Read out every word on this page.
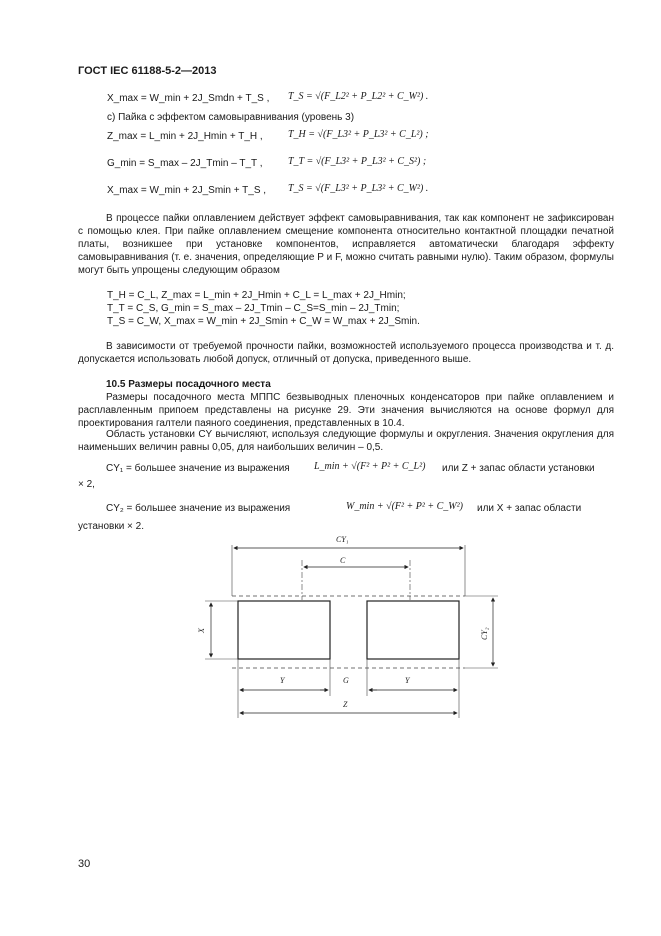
ГОСТ IEC 61188-5-2—2013
X_max = W_min + 2J_Smdn + T_S , T_S = √(F_L2² + P_L2² + C_W²) .
c) Пайка с эффектом самовыравнивания (уровень 3)
Z_max = L_min + 2J_Hmin + T_H ,	T_H = √(F_L3² + P_L3² + C_L²) ;
G_min = S_max – 2J_Tmin – T_T ,	T_T = √(F_L3² + P_L3² + C_S²) ;
X_max = W_min + 2J_Smin + T_S , T_S = √(F_L3² + P_L3² + C_W²) .
В процессе пайки оплавлением действует эффект самовыравнивания, так как компонент не зафиксирован с помощью клея. При пайке оплавлением смещение компонента относительно контактной площадки печатной платы, возникшее при установке компонентов, исправляется автоматически благодаря эффекту самовыравнивания (т. е. значения, определяющие P и F, можно считать равными нулю). Таким образом, формулы могут быть упрощены следующим образом
T_H = C_L, Z_max = L_min + 2J_Hmin + C_L = L_max + 2J_Hmin;
T_T = C_S, G_min = S_max – 2J_Tmin – C_S=S_min – 2J_Tmin;
T_S = C_W, X_max = W_min + 2J_Smin + C_W = W_max + 2J_Smin.
В зависимости от требуемой прочности пайки, возможностей используемого процесса производства и т. д. допускается использовать любой допуск, отличный от допуска, приведенного выше.
10.5 Размеры посадочного места
Размеры посадочного места МППС безвыводных пленочных конденсаторов при пайке оплавлением и расплавленным припоем представлены на рисунке 29. Эти значения вычисляются на основе формул для проектирования галтели паяного соединения, представленных в 10.4.
Область установки CY вычисляют, используя следующие формулы и округления. Значения округления для наименьших величин равны 0,05, для наибольших величин – 0,5.
CY₁ = большее значение из выражения L_min + √(F² + P² + C_L²) или Z + запас области установки
× 2,
CY₂ = большее значение из выражения	W_min + √(F² + P² + C_W²) или X + запас области
установки × 2.
CY₁
C
X	CY₂
Y	G	Y
Z
30
